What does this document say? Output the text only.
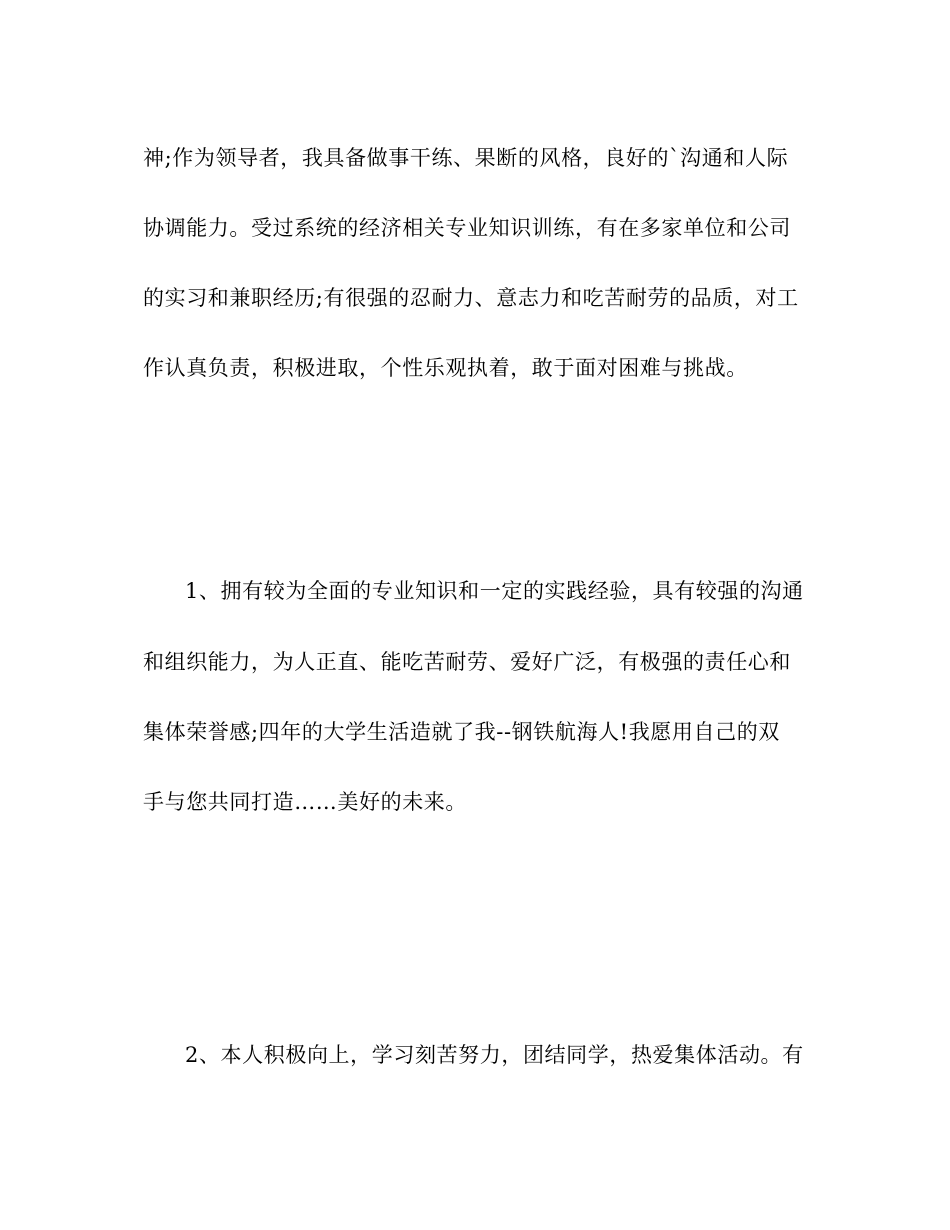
神;作为领导者，我具备做事干练、果断的风格，良好的`沟通和人际
协调能力。受过系统的经济相关专业知识训练，有在多家单位和公司
的实习和兼职经历;有很强的忍耐力、意志力和吃苦耐劳的品质，对工
作认真负责，积极进取，个性乐观执着，敢于面对困难与挑战。
1、拥有较为全面的专业知识和一定的实践经验，具有较强的沟通
和组织能力，为人正直、能吃苦耐劳、爱好广泛，有极强的责任心和
集体荣誉感;四年的大学生活造就了我--钢铁航海人!我愿用自己的双
手与您共同打造……美好的未来。
2、本人积极向上，学习刻苦努力，团结同学，热爱集体活动。有
